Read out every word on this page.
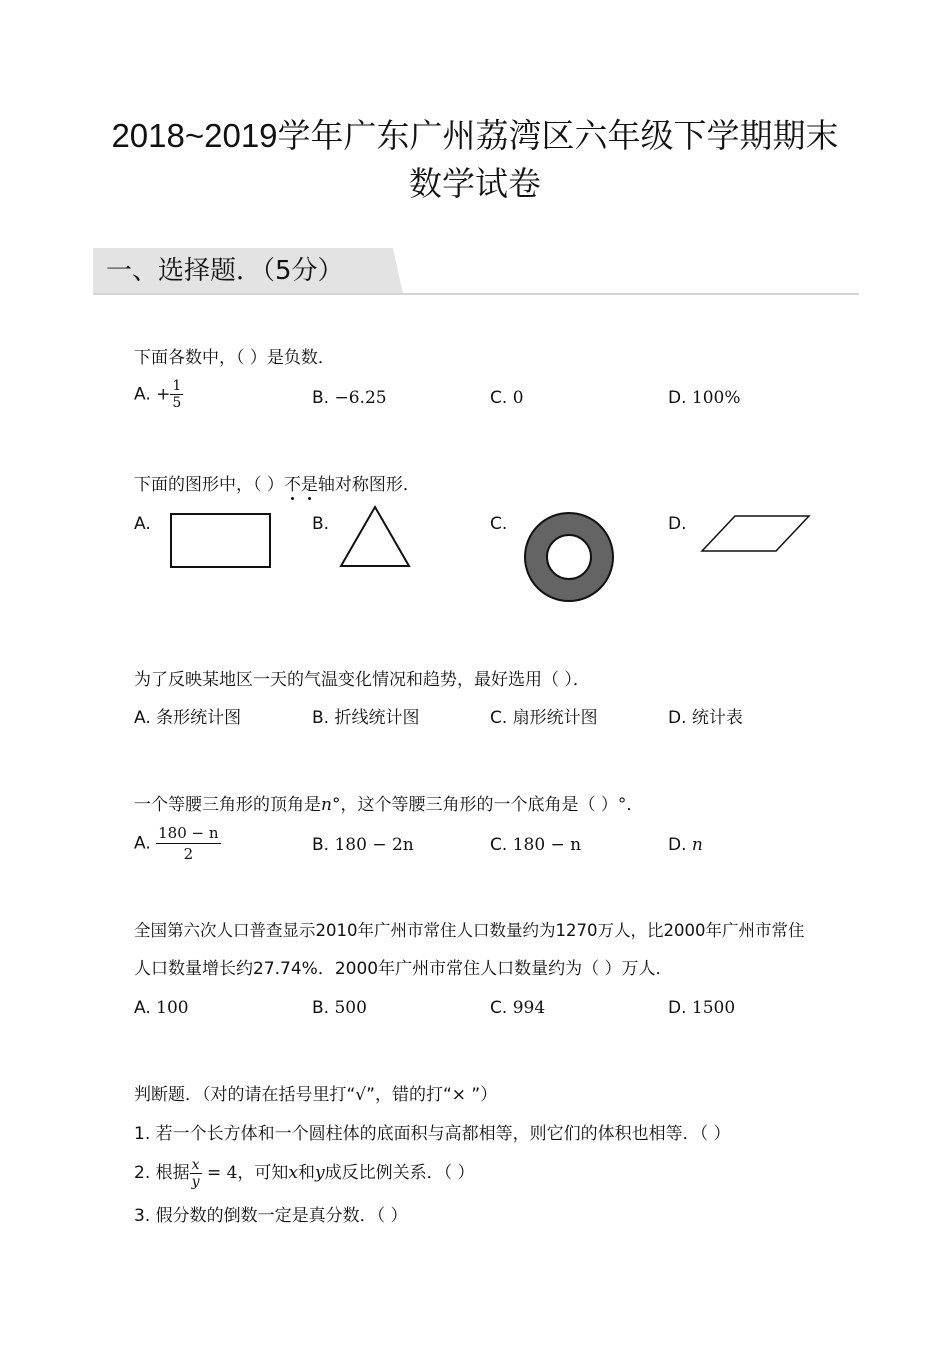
2018~2019学年广东广州荔湾区六年级下学期期末
数学试卷
一、选择题．（5分）
下面各数中，（ ）是负数．
A. + $\frac{1}{5}$	B. −6.25	C. 0	D. 100%
下面的图形中，（ ）不
是
轴对称图形．
A.	B.	C.	D.
为了反映某地区一天的气温变化情况和趋势，最好选用（ ）．
A. 条形统计图	B. 折线统计图	C. 扇形统计图	D. 统计表
一个等腰三角形的顶角是n°，这个等腰三角形的一个底角是（ ）°．
A. $\frac{180 - n}{2}$	B. 180 − 2n	C. 180 − n	D. n
全国第六次人口普查显示2010年广州市常住人口数量约为1270万人，比2000年广州市常住
人口数量增长约27.74%．2000年广州市常住人口数量约为（ ）万人．
A. 100	B. 500	C. 994	D. 1500
判断题．（对的请在括号里打“√”，错的打“× ”）
1. 若一个长方体和一个圆柱体的底面积与高都相等，则它们的体积也相等．（ ）
2. 根据 $\frac{x}{y} = 4$，可知x和y成反比例关系．（ ）
3. 假分数的倒数一定是真分数．（ ）
